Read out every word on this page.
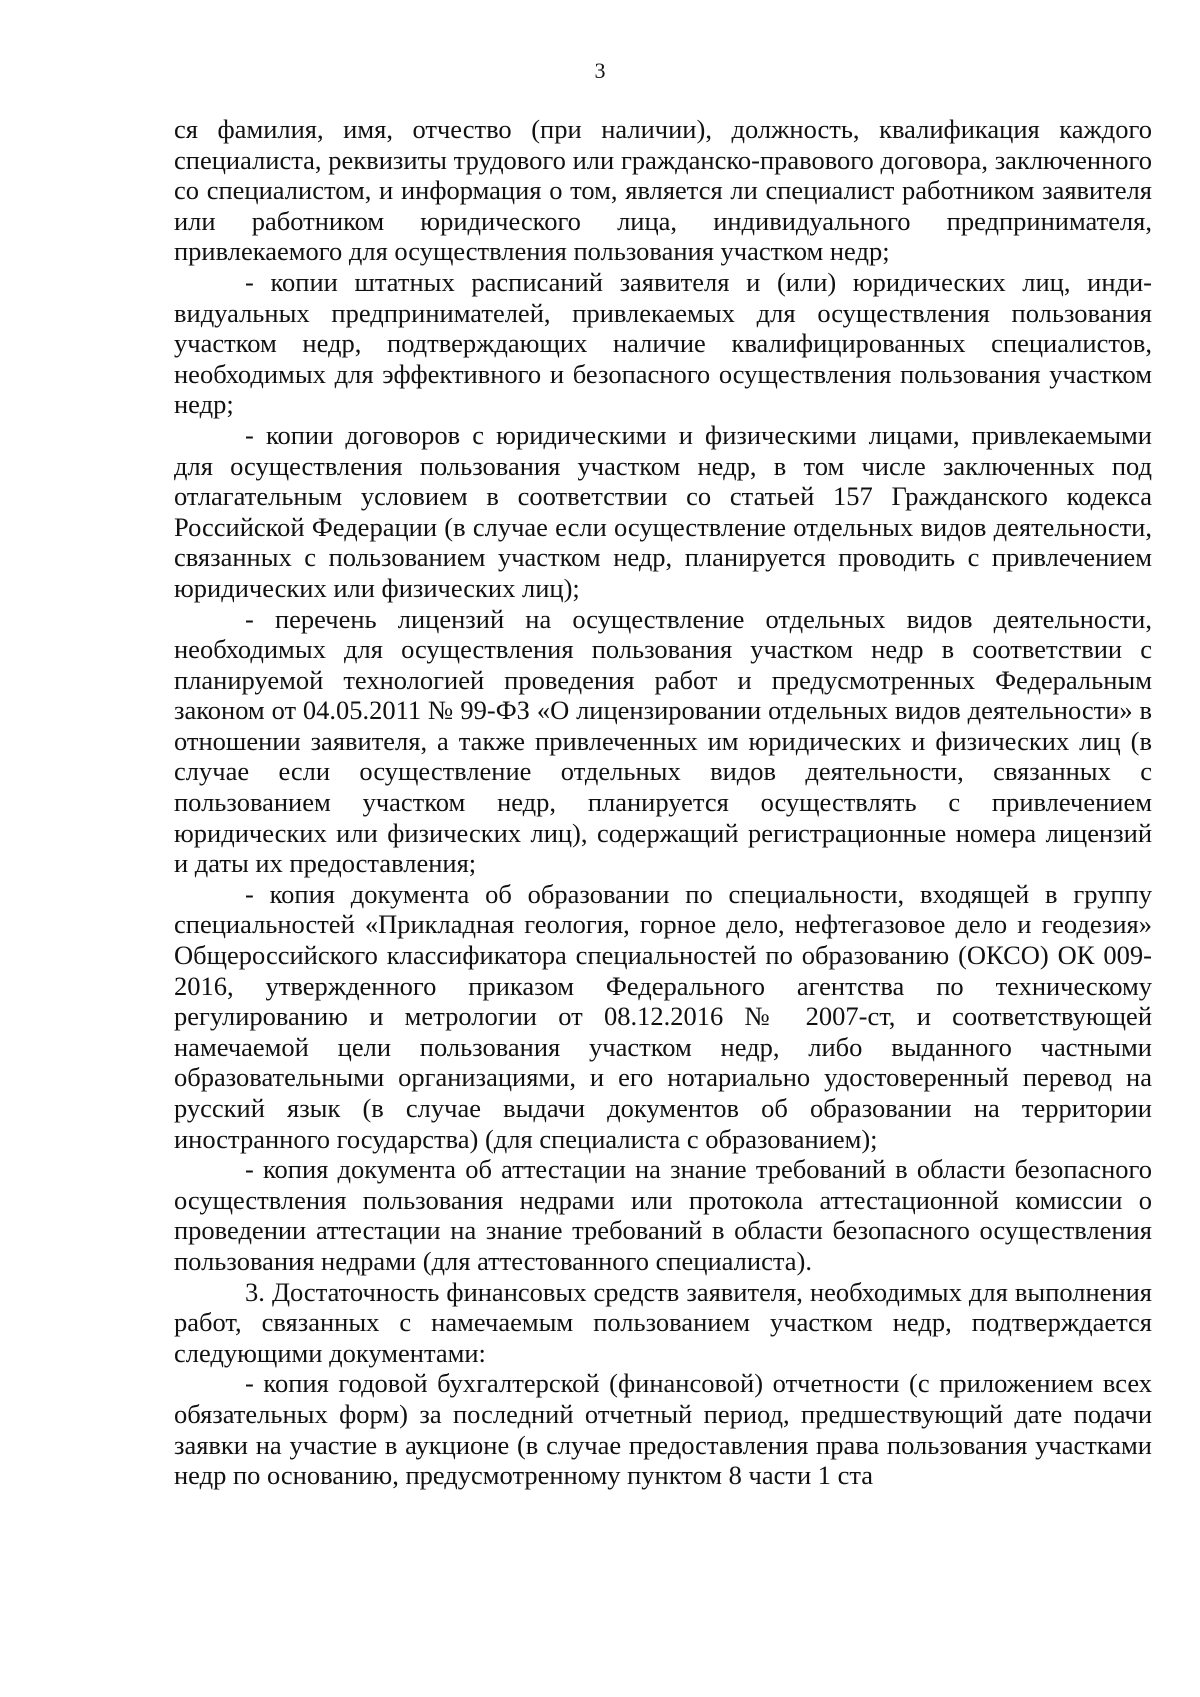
3

ся фамилия, имя, отчество (при наличии), должность, квалификация каждого специалиста, реквизиты трудового или гражданско-правового договора, заключенного со специалистом, и информация о том, является ли специалист работником заявителя или работником юридического лица, индивидуального предпринимателя, привлекаемого для осуществления пользования участком недр;

- копии штатных расписаний заявителя и (или) юридических лиц, индивидуальных предпринимателей, привлекаемых для осуществления пользования участком недр, подтверждающих наличие квалифицированных специалистов, необходимых для эффективного и безопасного осуществления пользования участком недр;

- копии договоров с юридическими и физическими лицами, привлекаемыми для осуществления пользования участком недр, в том числе заключенных под отлагательным условием в соответствии со статьей 157 Гражданского кодекса Российской Федерации (в случае если осуществление отдельных видов деятельности, связанных с пользованием участком недр, планируется проводить с привлечением юридических или физических лиц);

- перечень лицензий на осуществление отдельных видов деятельности, необходимых для осуществления пользования участком недр в соответствии с планируемой технологией проведения работ и предусмотренных Федеральным законом от 04.05.2011 № 99-ФЗ «О лицензировании отдельных видов деятельности» в отношении заявителя, а также привлеченных им юридических и физических лиц (в случае если осуществление отдельных видов деятельности, связанных с пользованием участком недр, планируется осуществлять с привлечением юридических или физических лиц), содержащий регистрационные номера лицензий и даты их предоставления;

- копия документа об образовании по специальности, входящей в группу специальностей «Прикладная геология, горное дело, нефтегазовое дело и геодезия» Общероссийского классификатора специальностей по образованию (ОКСО) ОК 009-2016, утвержденного приказом Федерального агентства по техническому регулированию и метрологии от 08.12.2016 № 2007-ст, и соответствующей намечаемой цели пользования участком недр, либо выданного частными образовательными организациями, и его нотариально удостоверенный перевод на русский язык (в случае выдачи документов об образовании на территории иностранного государства) (для специалиста с образованием);

- копия документа об аттестации на знание требований в области безопасного осуществления пользования недрами или протокола аттестационной комиссии о проведении аттестации на знание требований в области безопасного осуществления пользования недрами (для аттестованного специалиста).

3. Достаточность финансовых средств заявителя, необходимых для выполнения работ, связанных с намечаемым пользованием участком недр, подтверждается следующими документами:

- копия годовой бухгалтерской (финансовой) отчетности (с приложением всех обязательных форм) за последний отчетный период, предшествующий дате подачи заявки на участие в аукционе (в случае предоставления права пользования участками недр по основанию, предусмотренному пунктом 8 части 1 ста
